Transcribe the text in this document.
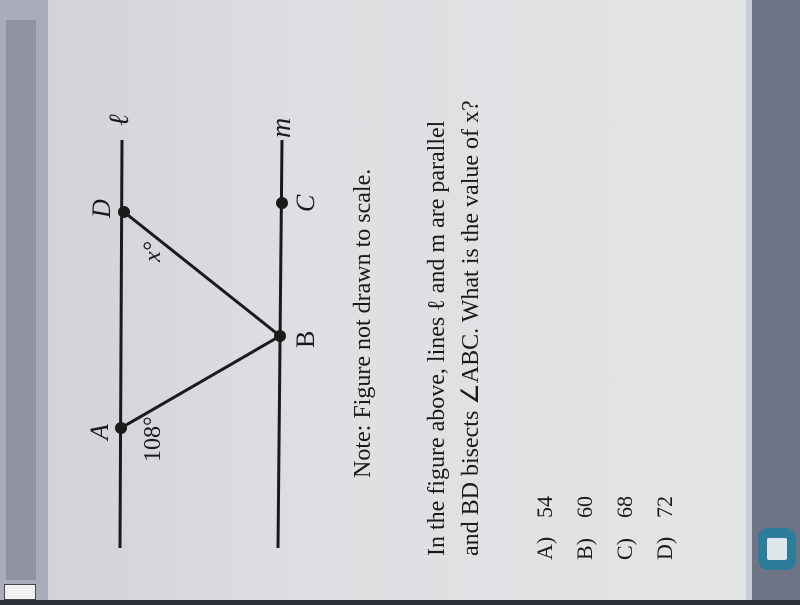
A
D
B
C
ℓ	m
108°
x°	Note: Figure not drawn to scale. In the figure above, lines ℓ and m are parallel and BD bisects ∠ABC. What is the value of x? A)
54
B)
60
C)
68
D)
72
